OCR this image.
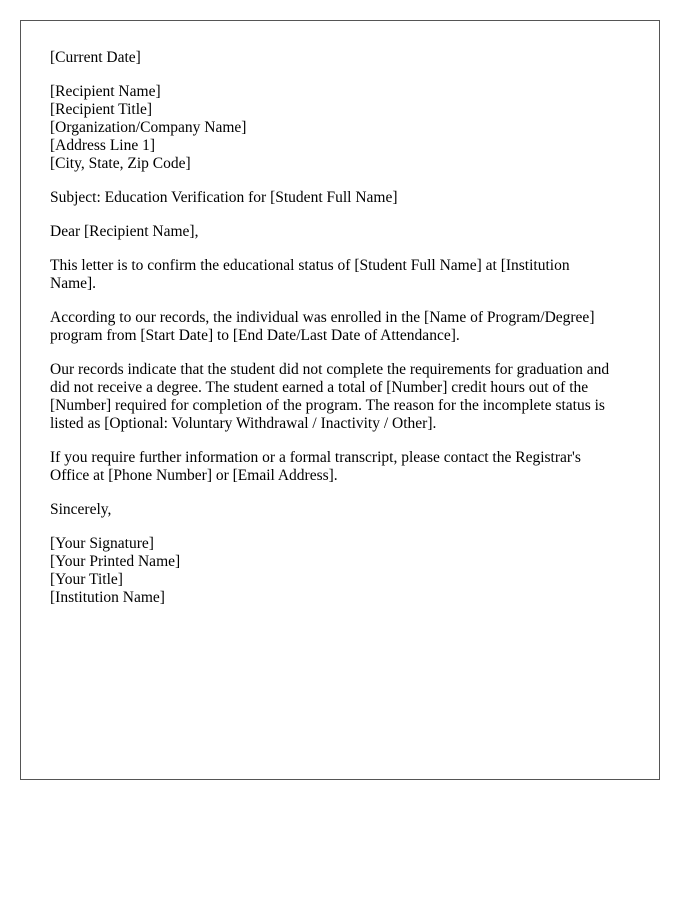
[Current Date]
[Recipient Name]
[Recipient Title]
[Organization/Company Name]
[Address Line 1]
[City, State, Zip Code]
Subject: Education Verification for [Student Full Name]
Dear [Recipient Name],
This letter is to confirm the educational status of [Student Full Name] at [Institution
Name].
According to our records, the individual was enrolled in the [Name of Program/Degree]
program from [Start Date] to [End Date/Last Date of Attendance].
Our records indicate that the student did not complete the requirements for graduation and
did not receive a degree. The student earned a total of [Number] credit hours out of the
[Number] required for completion of the program. The reason for the incomplete status is
listed as [Optional: Voluntary Withdrawal / Inactivity / Other].
If you require further information or a formal transcript, please contact the Registrar's
Office at [Phone Number] or [Email Address].
Sincerely,
[Your Signature]
[Your Printed Name]
[Your Title]
[Institution Name]
